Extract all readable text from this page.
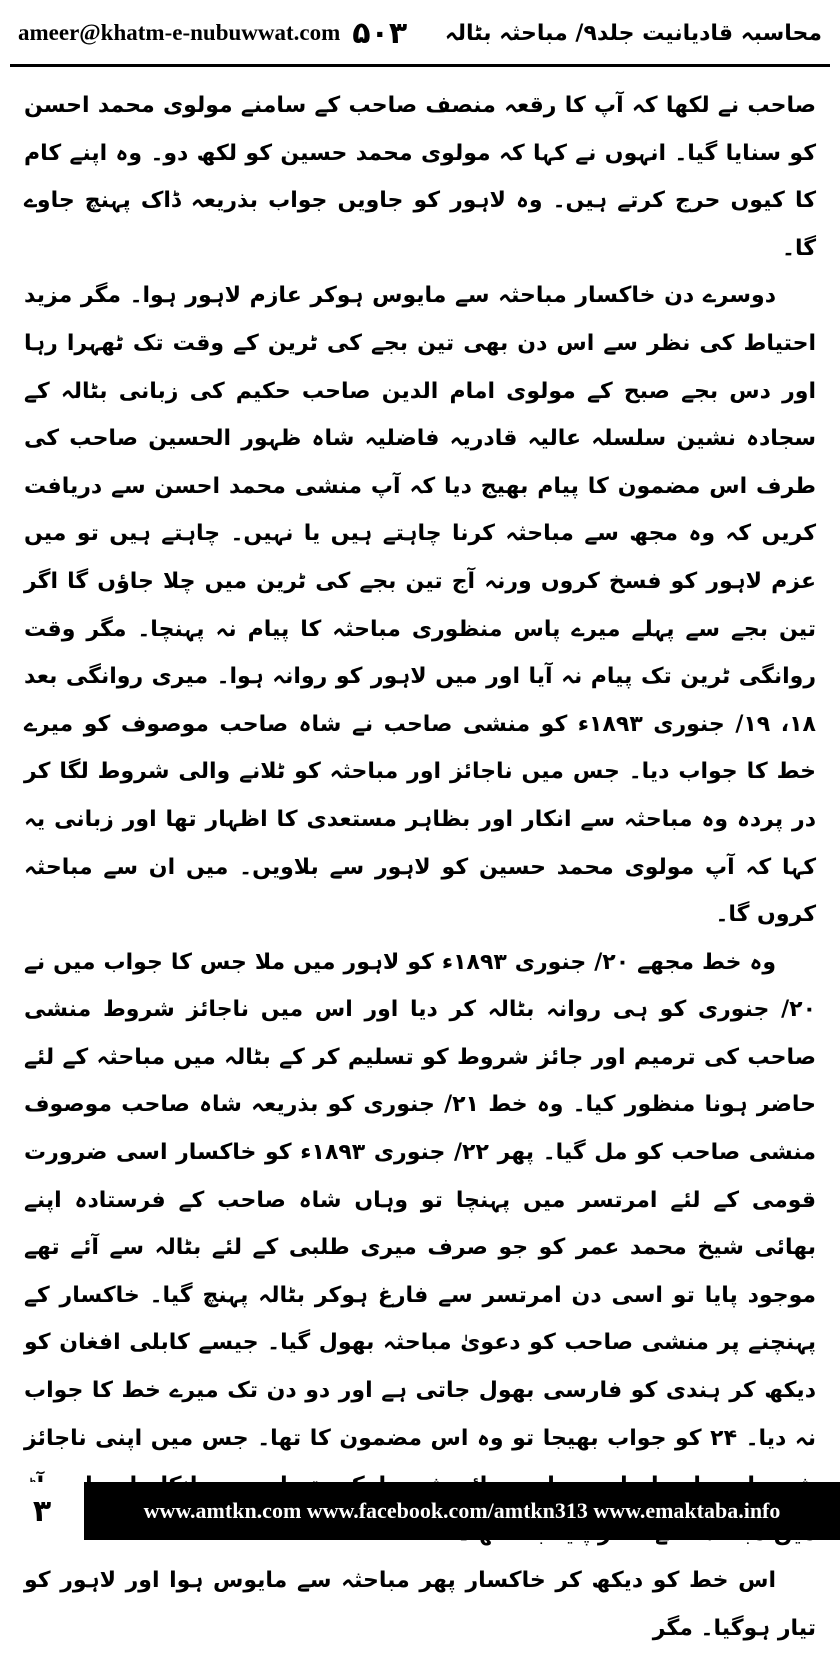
ameer@khatm-e-nubuwwat.com ۵۰۳ محاسبہ قادیانیت جلد۹/ مباحثہ بٹالہ

صاحب نے لکھا کہ آپ کا رقعہ منصف صاحب کے سامنے مولوی محمد احسن کو سنایا گیا۔ انہوں نے کہا کہ مولوی محمد حسین کو لکھ دو۔ وہ اپنے کام کا کیوں حرج کرتے ہیں۔ وہ لاہور کو جاویں جواب بذریعہ ڈاک پہنچ جاوے گا۔

دوسرے دن خاکسار مباحثہ سے مایوس ہوکر عازم لاہور ہوا۔ مگر مزید احتیاط کی نظر سے اس دن بھی تین بجے کی ٹرین کے وقت تک ٹھہرا رہا اور دس بجے صبح کے مولوی امام الدین صاحب حکیم کی زبانی بٹالہ کے سجادہ نشین سلسلہ عالیہ قادریہ فاضلیہ شاہ ظہور الحسین صاحب کی طرف اس مضمون کا پیام بھیج دیا کہ آپ منشی محمد احسن سے دریافت کریں کہ وہ مجھ سے مباحثہ کرنا چاہتے ہیں یا نہیں۔ چاہتے ہیں تو میں عزم لاہور کو فسخ کروں ورنہ آج تین بجے کی ٹرین میں چلا جاؤں گا اگر تین بجے سے پہلے میرے پاس منظوری مباحثہ کا پیام نہ پہنچا۔ مگر وقت روانگی ٹرین تک پیام نہ آیا اور میں لاہور کو روانہ ہوا۔ میری روانگی بعد ۱۸، ۱۹/ جنوری ۱۸۹۳ء کو منشی صاحب نے شاہ صاحب موصوف کو میرے خط کا جواب دیا۔ جس میں ناجائز اور مباحثہ کو ٹلانے والی شروط لگا کر در پردہ وہ مباحثہ سے انکار اور بظاہر مستعدی کا اظہار تھا اور زبانی یہ کہا کہ آپ مولوی محمد حسین کو لاہور سے بلاویں۔ میں ان سے مباحثہ کروں گا۔

وہ خط مجھے ۲۰/ جنوری ۱۸۹۳ء کو لاہور میں ملا جس کا جواب میں نے ۲۰/ جنوری کو ہی روانہ بٹالہ کر دیا اور اس میں ناجائز شروط منشی صاحب کی ترمیم اور جائز شروط کو تسلیم کر کے بٹالہ میں مباحثہ کے لئے حاضر ہونا منظور کیا۔ وہ خط ۲۱/ جنوری کو بذریعہ شاہ صاحب موصوف منشی صاحب کو مل گیا۔ پھر ۲۲/ جنوری ۱۸۹۳ء کو خاکسار اسی ضرورت قومی کے لئے امرتسر میں پہنچا تو وہاں شاہ صاحب کے فرستادہ اپنے بھائی شیخ محمد عمر کو جو صرف میری طلبی کے لئے بٹالہ سے آئے تھے موجود پایا تو اسی دن امرتسر سے فارغ ہوکر بٹالہ پہنچ گیا۔ خاکسار کے پہنچنے پر منشی صاحب کو دعویٰ مباحثہ بھول گیا۔ جیسے کابلی افغان کو دیکھ کر ہندی کو فارسی بھول جاتی ہے اور دو دن تک میرے خط کا جواب نہ دیا۔ ۲۴ کو جواب بھیجا تو وہ اس مضمون کا تھا۔ جس میں اپنی ناجائز

اس خط کو دیکھ کر خاکسار پھر مباحثہ سے مایوس ہوا اور لاہور کو تیار ہوگیا۔ مگر

۳	www.amtkn.com www.facebook.com/amtkn313 www.emaktaba.info
